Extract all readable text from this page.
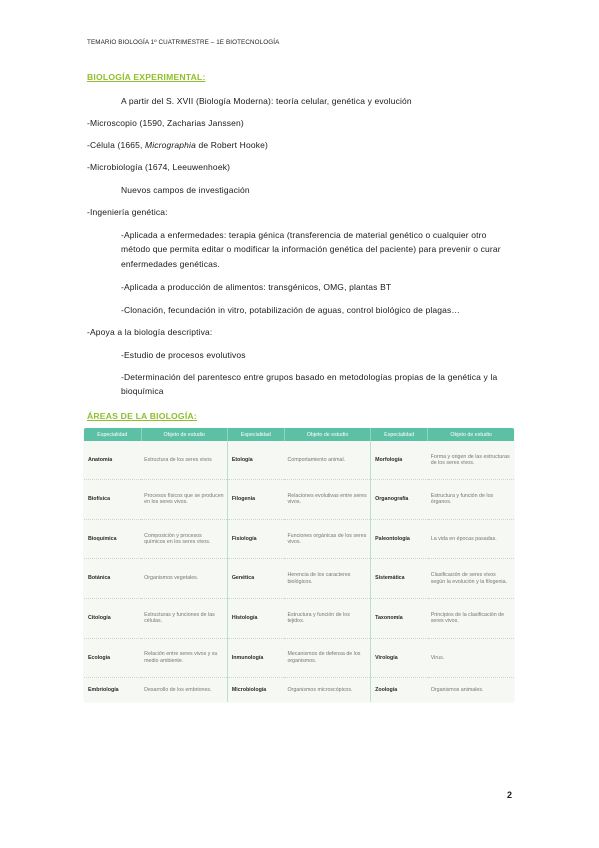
TEMARIO BIOLOGÍA 1º CUATRIMESTRE – 1E BIOTECNOLOGÍA
BIOLOGÍA EXPERIMENTAL:
A partir del S. XVII (Biología Moderna): teoría celular, genética y evolución
-Microscopio (1590, Zacharias Janssen)
-Célula (1665, Micrographia de Robert Hooke)
-Microbiología (1674, Leeuwenhoek)
Nuevos campos de investigación
-Ingeniería genética:
-Aplicada a enfermedades: terapia génica (transferencia de material genético o cualquier otro método que permita editar o modificar la información genética del paciente) para prevenir o curar enfermedades genéticas.
-Aplicada a producción de alimentos: transgénicos, OMG, plantas BT
-Clonación, fecundación in vitro, potabilización de aguas, control biológico de plagas…
-Apoya a la biología descriptiva:
-Estudio de procesos evolutivos
-Determinación del parentesco entre grupos basado en metodologías propias de la genética y la bioquímica
ÁREAS DE LA BIOLOGÍA:
Especialidad	Objeto de estudio	Especialidad	Objeto de estudio	Especialidad	Objeto de estudio
Anatomía	Estructura de los seres vivos	Etología	Comportamiento animal.	Morfología	Forma y origen de las estructuras de los seres vivos.
Biofísica	Procesos físicos que se producen en los seres vivos.	Filogenia	Relaciones evolutivas entre seres vivos.	Organografía	Estructura y función de los órganos.
Bioquímica	Composición y procesos químicos en los seres vivos.	Fisiología	Funciones orgánicas de los seres vivos.	Paleontología	La vida en épocas pasadas.
Botánica	Organismos vegetales.	Genética	Herencia de los caracteres biológicos.	Sistemática	Clasificación de seres vivos según la evolución y la filogenia.
Citología	Estructuras y funciones de las células.	Histología	Estructura y función de los tejidos.	Taxonomía	Principios de la clasificación de seres vivos.
Ecología	Relación entre seres vivos y su medio ambiente.	Inmunología	Mecanismos de defensa de los organismos.	Virología	Virus.
Embriología	Desarrollo de los embriones.	Microbiología	Organismos microscópicos.	Zoología	Organismos animales.
2
